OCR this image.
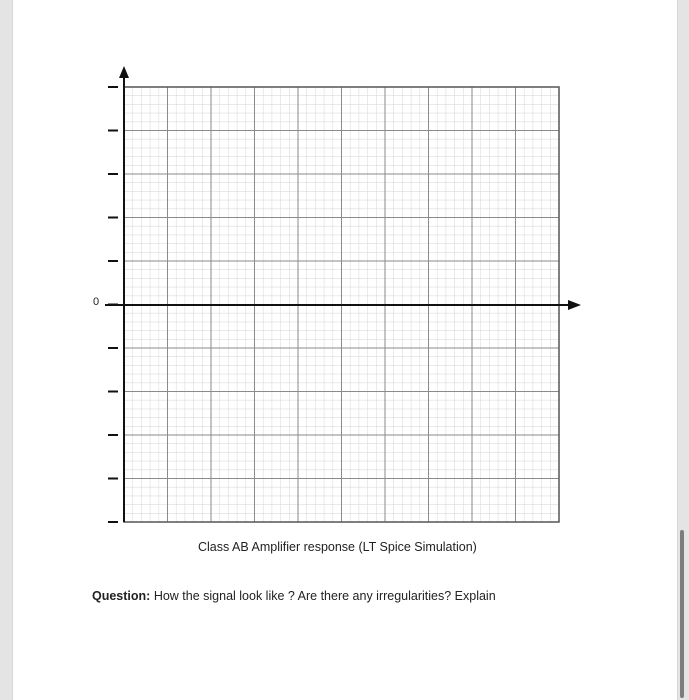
0
Class AB Amplifier response (LT Spice Simulation)
Question: How the signal look like ? Are there any irregularities? Explain
